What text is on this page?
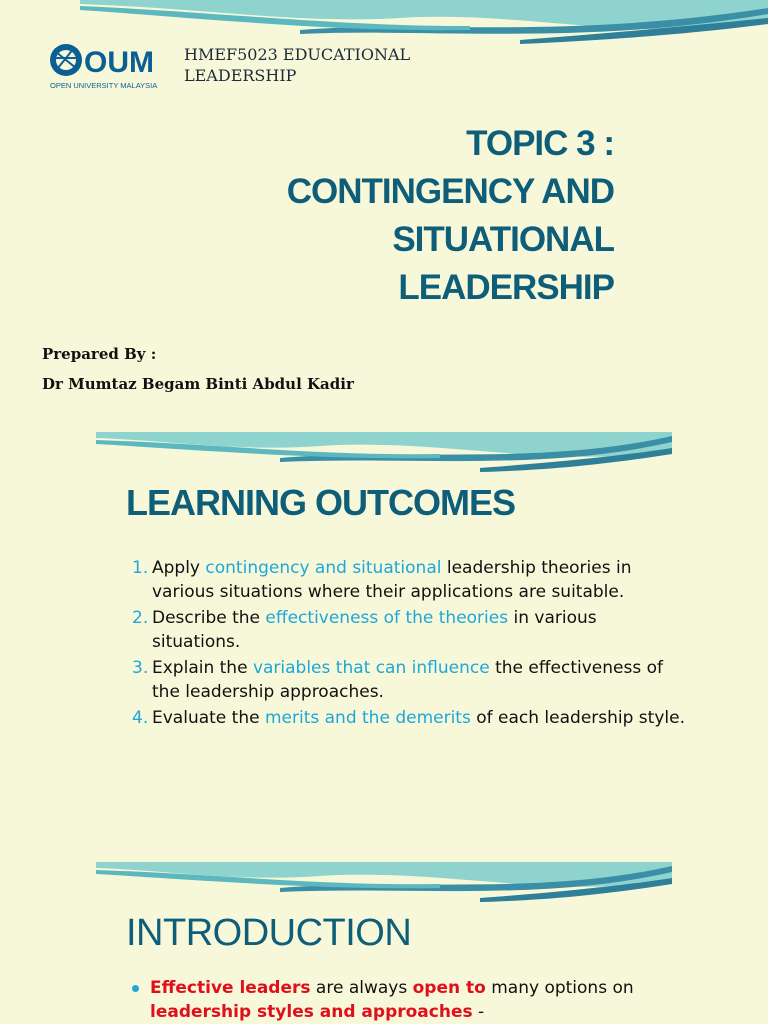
OUM
OPEN UNIVERSITY MALAYSIA
HMEF5023 EDUCATIONAL
LEADERSHIP
TOPIC 3 :
CONTINGENCY AND
SITUATIONAL
LEADERSHIP
Prepared By :
Dr Mumtaz Begam Binti Abdul Kadir
LEARNING OUTCOMES
1. Apply contingency and situational leadership theories in various situations where their applications are suitable.
2. Describe the effectiveness of the theories in various situations.
3. Explain the variables that can influence the effectiveness of the leadership approaches.
4. Evaluate the merits and the demerits of each leadership style.
INTRODUCTION
Effective leaders are always open to many options on leadership styles and approaches -
